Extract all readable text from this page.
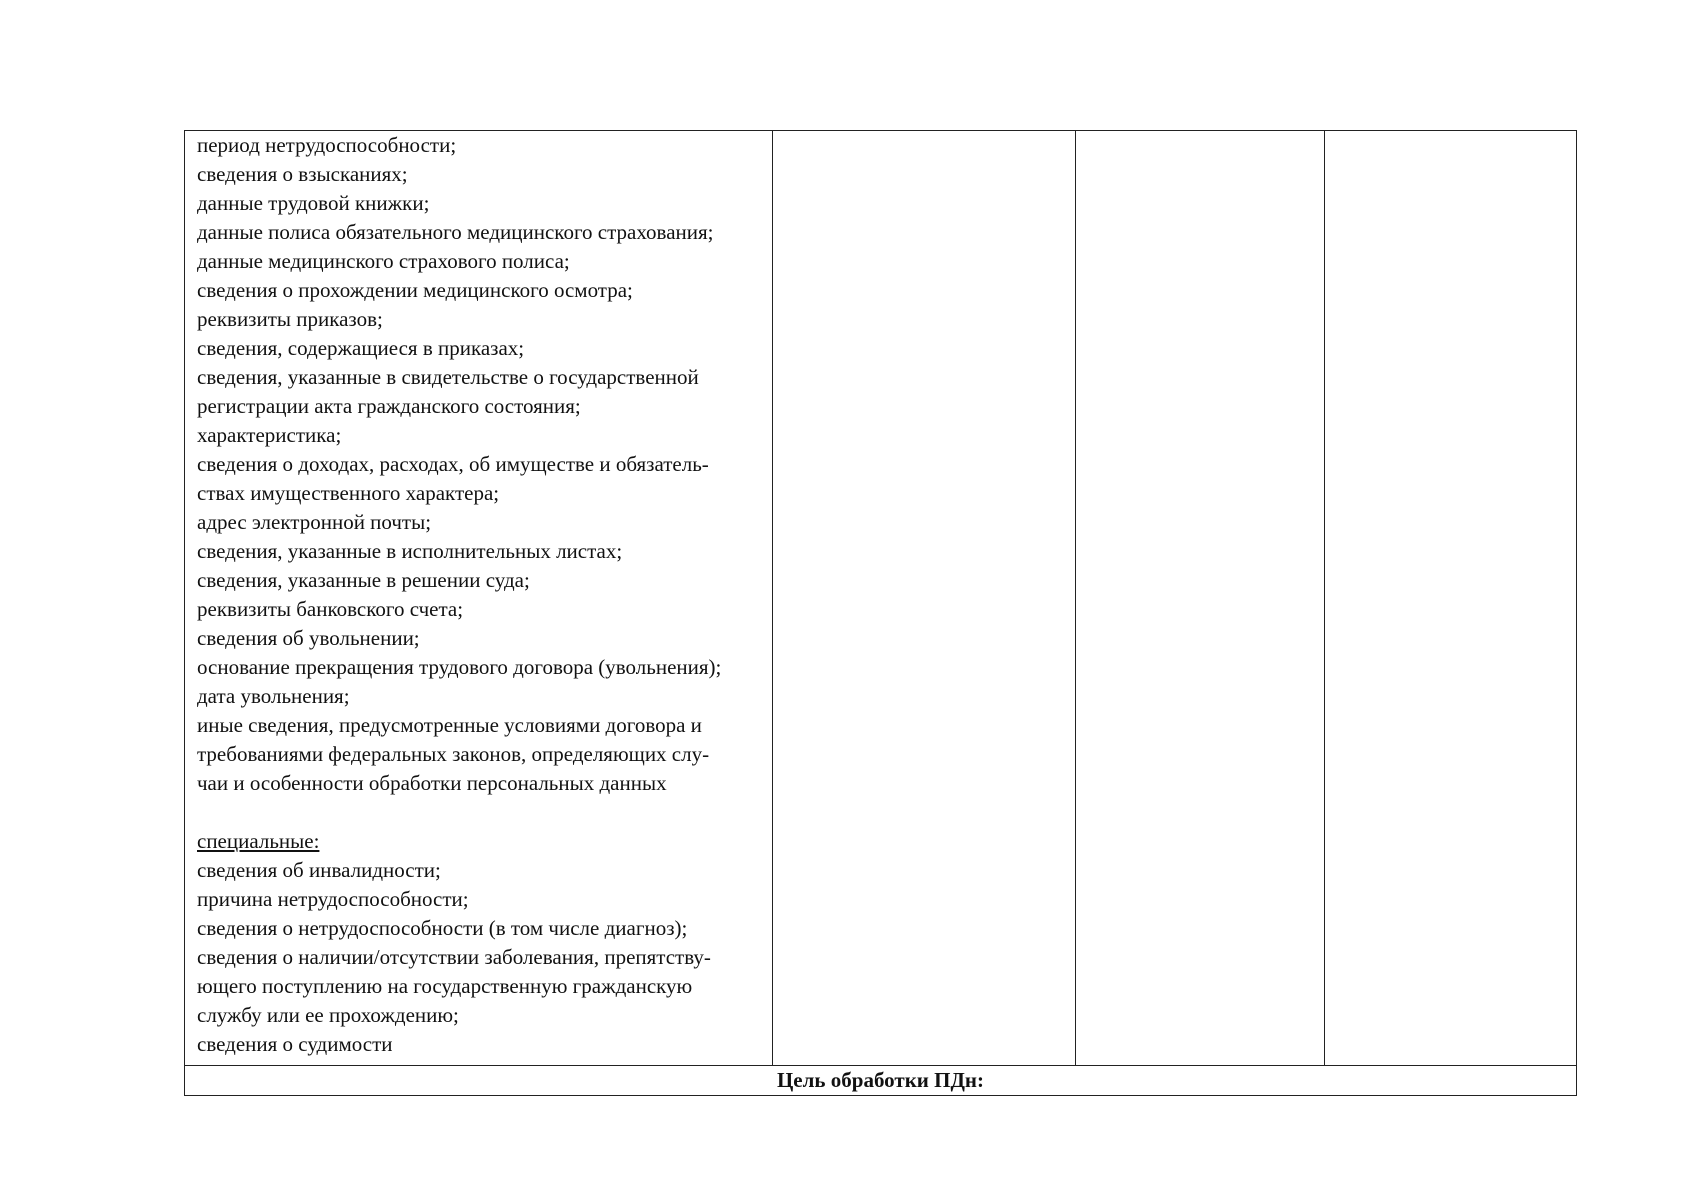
период нетрудоспособности;
сведения о взысканиях;
данные трудовой книжки;
данные полиса обязательного медицинского страхования;
данные медицинского страхового полиса;
сведения о прохождении медицинского осмотра;
реквизиты приказов;
сведения, содержащиеся в приказах;
сведения, указанные в свидетельстве о государственной
регистрации акта гражданского состояния;
характеристика;
сведения о доходах, расходах, об имуществе и обязатель-
ствах имущественного характера;
адрес электронной почты;
сведения, указанные в исполнительных листах;
сведения, указанные в решении суда;
реквизиты банковского счета;
сведения об увольнении;
основание прекращения трудового договора (увольнения);
дата увольнения;
иные сведения, предусмотренные условиями договора и
требованиями федеральных законов, определяющих слу-
чаи и особенности обработки персональных данных
специальные:
сведения об инвалидности;
причина нетрудоспособности;
сведения о нетрудоспособности (в том числе диагноз);
сведения о наличии/отсутствии заболевания, препятству-
ющего поступлению на государственную гражданскую
службу или ее прохождению;
сведения о судимости

Цель обработки ПДн:
